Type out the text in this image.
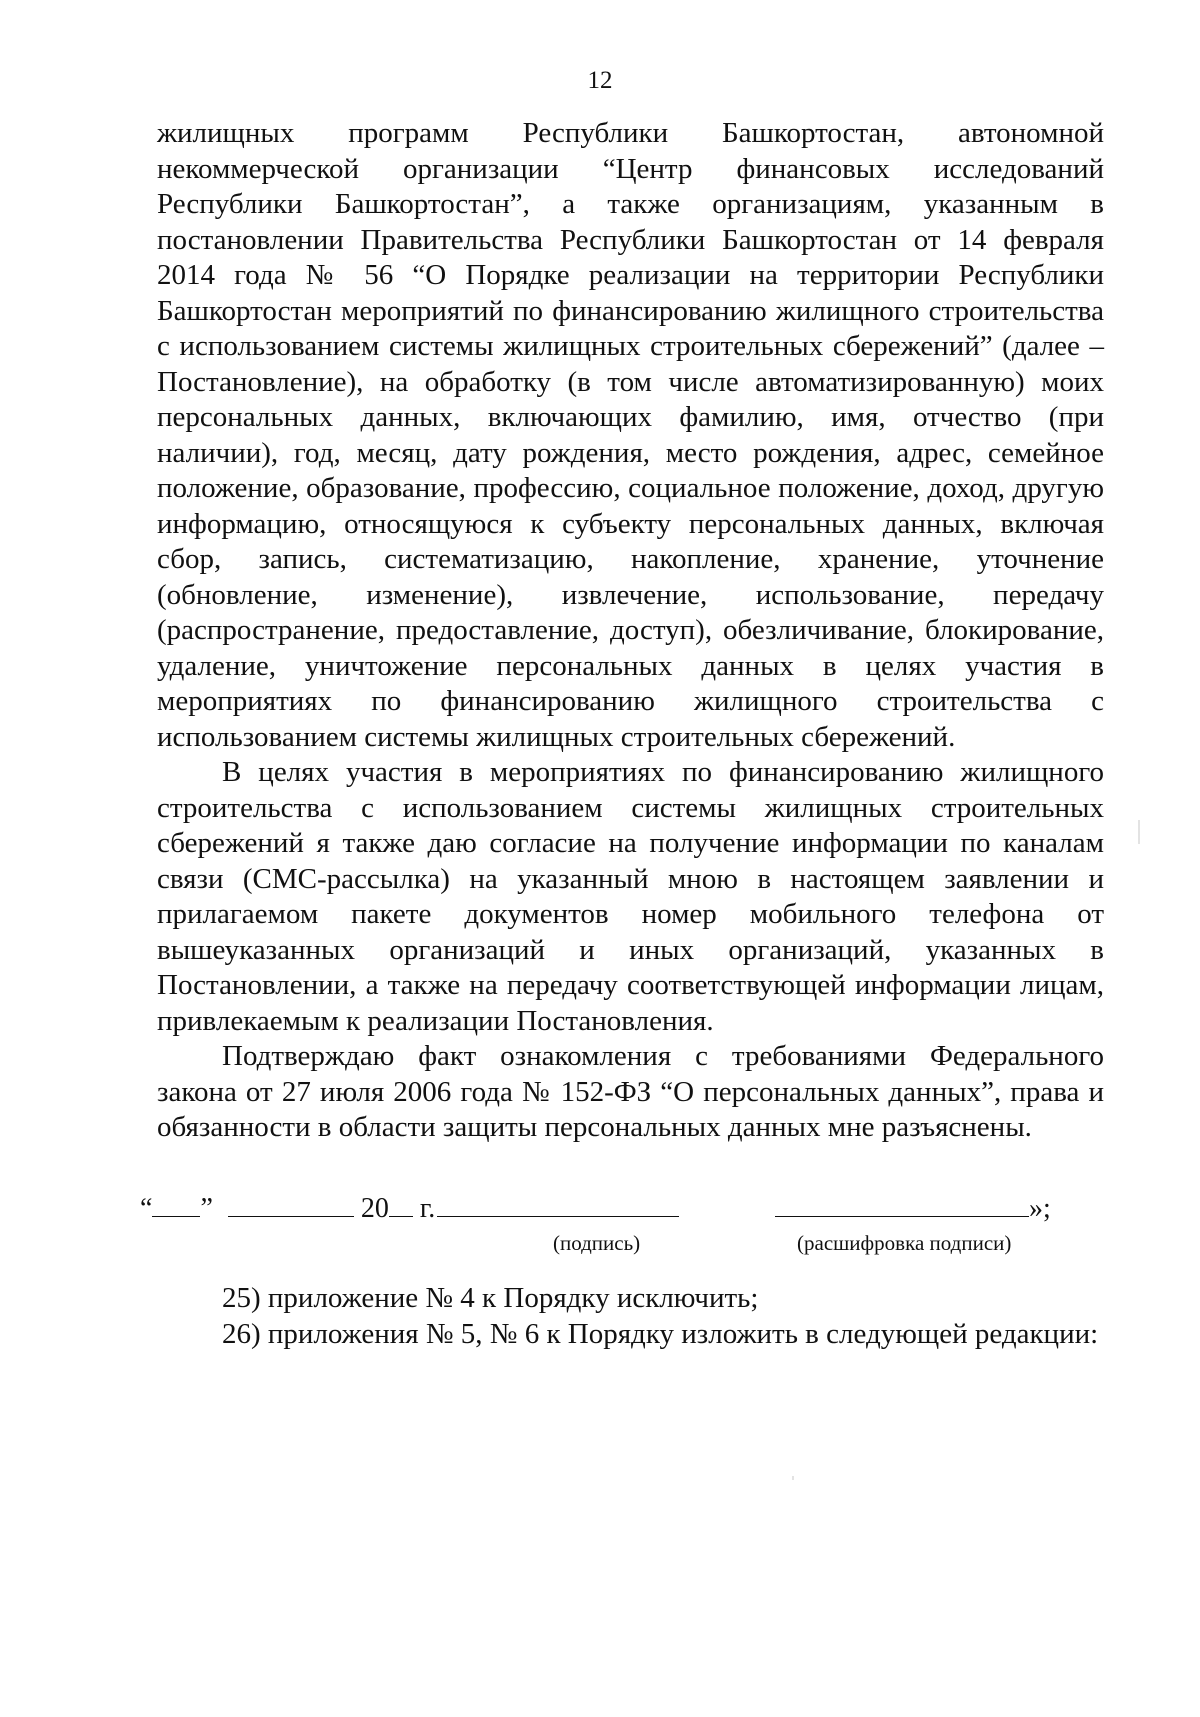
12

жилищных программ Республики Башкортостан, автономной некоммерческой организации “Центр финансовых исследований Республики Башкортостан”, а также организациям, указанным в постановлении Правительства Республики Башкортостан от 14 февраля 2014 года № 56 “О Порядке реализации на территории Республики Башкортостан мероприятий по финансированию жилищного строительства с использованием системы жилищных строительных сбережений” (далее – Постановление), на обработку (в том числе автоматизированную) моих персональных данных, включающих фамилию, имя, отчество (при наличии), год, месяц, дату рождения, место рождения, адрес, семейное положение, образование, профессию, социальное положение, доход, другую информацию, относящуюся к субъекту персональных данных, включая сбор, запись, систематизацию, накопление, хранение, уточнение (обновление, изменение), извлечение, использование, передачу (распространение, предоставление, доступ), обезличивание, блокирование, удаление, уничтожение персональных данных в целях участия в мероприятиях по финансированию жилищного строительства с использованием системы жилищных строительных сбережений.

В целях участия в мероприятиях по финансированию жилищного строительства с использованием системы жилищных строительных сбережений я также даю согласие на получение информации по каналам связи (СМС-рассылка) на указанный мною в настоящем заявлении и прилагаемом пакете документов номер мобильного телефона от вышеуказанных организаций и иных организаций, указанных в Постановлении, а также на передачу соответствующей информации лицам, привлекаемым к реализации Постановления.

Подтверждаю факт ознакомления с требованиями Федерального закона от 27 июля 2006 года № 152-ФЗ “О персональных данных”, права и обязанности в области защиты персональных данных мне разъяснены.

“ ”	20 г.	»;
(подпись)	(расшифровка подписи)

25) приложение № 4 к Порядку исключить;

26) приложения № 5, № 6 к Порядку изложить в следующей редакции:
